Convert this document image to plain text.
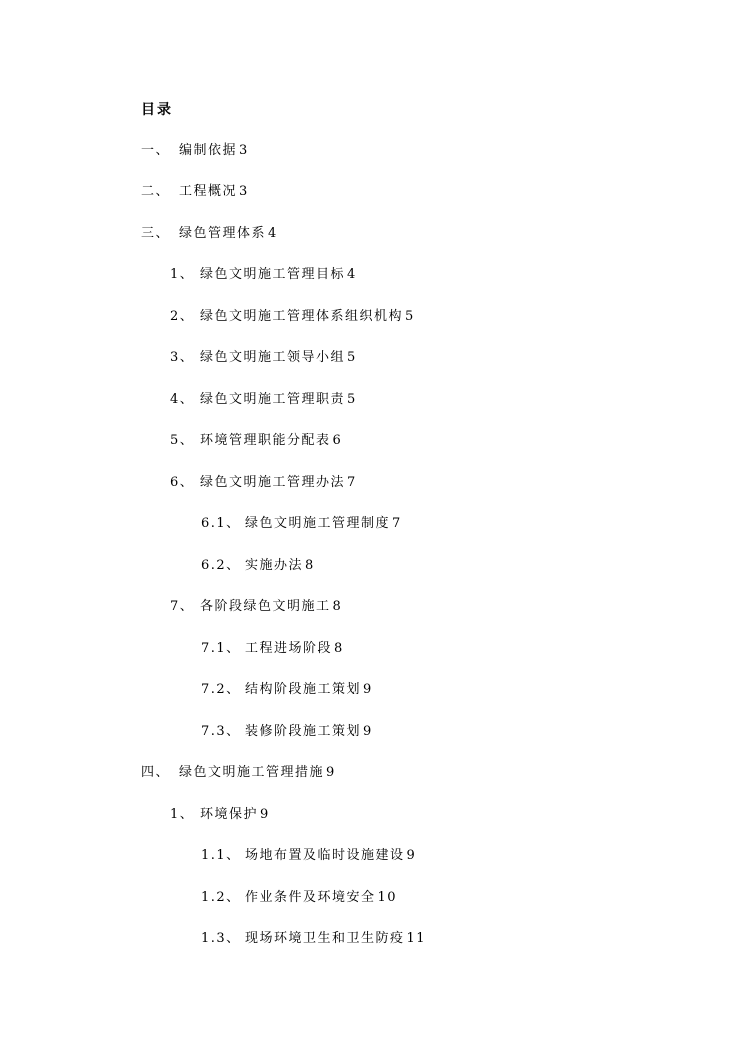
目录
一、 编制依据 3
二、 工程概况 3
三、 绿色管理体系 4
1、 绿色文明施工管理目标 4
2、 绿色文明施工管理体系组织机构 5
3、 绿色文明施工领导小组 5
4、 绿色文明施工管理职责 5
5、 环境管理职能分配表 6
6、 绿色文明施工管理办法 7
6.1、 绿色文明施工管理制度 7
6.2、 实施办法 8
7、 各阶段绿色文明施工 8
7.1、 工程进场阶段 8
7.2、 结构阶段施工策划 9
7.3、 装修阶段施工策划 9
四、 绿色文明施工管理措施 9
1、 环境保护 9
1.1、 场地布置及临时设施建设 9
1.2、 作业条件及环境安全 10
1.3、 现场环境卫生和卫生防疫 11
